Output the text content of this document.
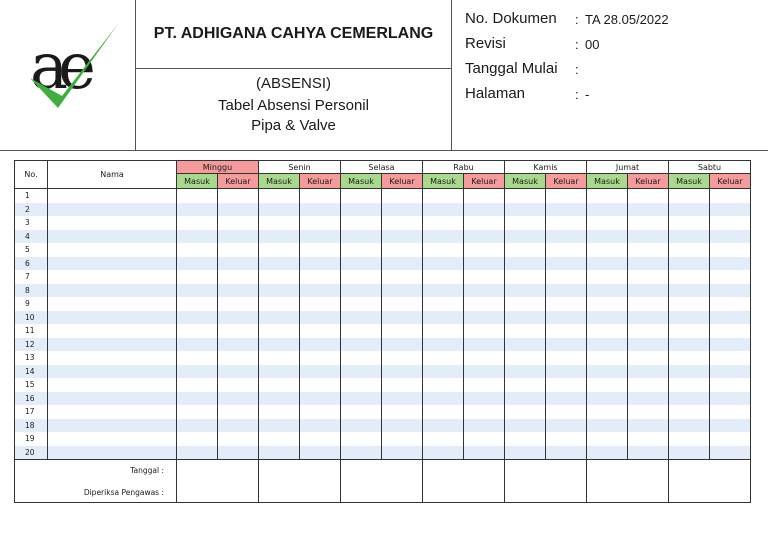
a
e	PT. ADHIGANA CAHYA CEMERLANG
(ABSENSI)
Tabel Absensi Personil
Pipa & Valve
No. Dokumen : TA 28.05/2022
Revisi	: 00
Tanggal Mulai :
Halaman	: -
No.	Nama	Minggu		Senin		Selasa		Rabu		Kamis		Jumat		Sabtu	
		Masuk	Keluar	Masuk	Keluar	Masuk	Keluar	Masuk	Keluar	Masuk	Keluar	Masuk	Keluar	Masuk	Keluar
1															
2															
3															
4															
5															
6															
7															
8															
9															
10															
11															
12															
13															
14															
15															
16															
17															
18															
19															
20															

Tanggal :
Diperiksa Pengawas :															
